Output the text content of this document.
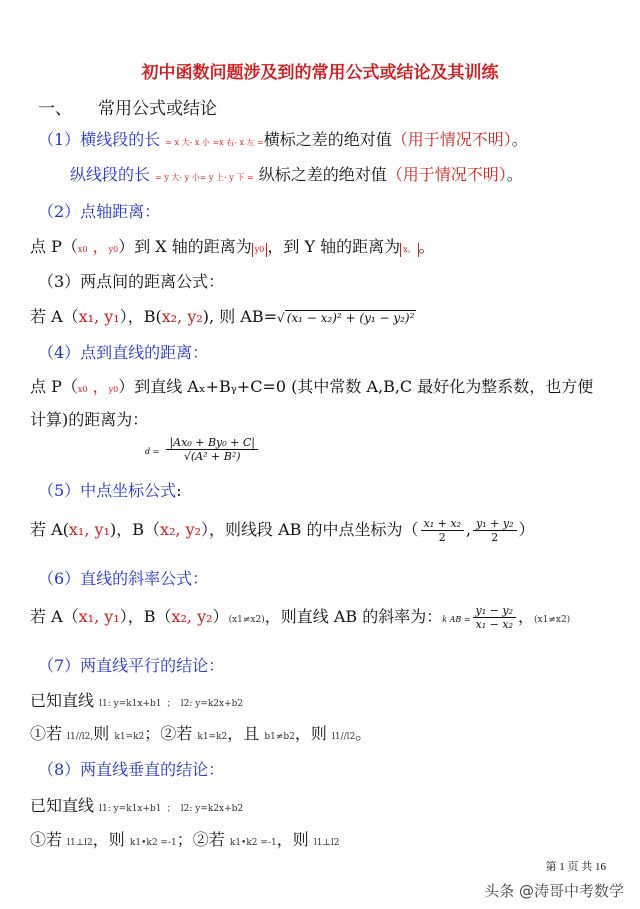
初中函数问题涉及到的常用公式或结论及其训练
一、 常用公式或结论
（1）横线段的长 = x 大- x 小 =x 右- x 左 =横标之差的绝对值（用于情况不明）。
纵线段的长 = y 大- y 小= y 上- y 下 = 纵标之差的绝对值（用于情况不明）。
（2）点轴距离：
点 P（x0 ，y0）到 X 轴的距离为 y0 ，到 Y 轴的距离为 x。 。
（3）两点间的距离公式：
若 A（x₁, y₁），B(x₂, y₂), 则 AB=√ (x₁ − x₂)² + (y₁ − y₂)²
（4）点到直线的距离：
点 P（x0 ，y0）到直线 Aₓ+Bᵧ+C=0 (其中常数 A,B,C 最好化为整系数，也方便
计算)的距离为：
$d = \frac{\text{|Ax₀ + By₀ + C|}}{\text{√(A² + B²)}}$
（5）中点坐标公式:
若 A(x₁, y₁)，B（x₂, y₂），则线段 AB 的中点坐标为（ $\frac{\text{x₁ + x₂}}{2}$ , $\frac{\text{y₁ + y₂}}{2}$ ）
（6）直线的斜率公式：
若 A（x₁, y₁），B（x₂, y₂）(x1≠x2)，则直线 AB 的斜率为：k AB = $\frac{\text{y₁ − y₂}}{\text{x₁ − x₂}}$ ，(x1≠x2)
（7）两直线平行的结论：
已知直线 l1: y=k1x+b1 ； l2: y=k2x+b2
①若 l1//l2,则 k1=k2；②若 k1=k2，且 b1≠b2，则 l1//l2。
（8）两直线垂直的结论：
已知直线 l1: y=k1x+b1 ； l2: y=k2x+b2
①若 l1⊥l2，则 k1•k2 =-1；②若 k1•k2 =-1，则 l1⊥l2
第 1 页 共 16
头条 @涛哥中考数学
